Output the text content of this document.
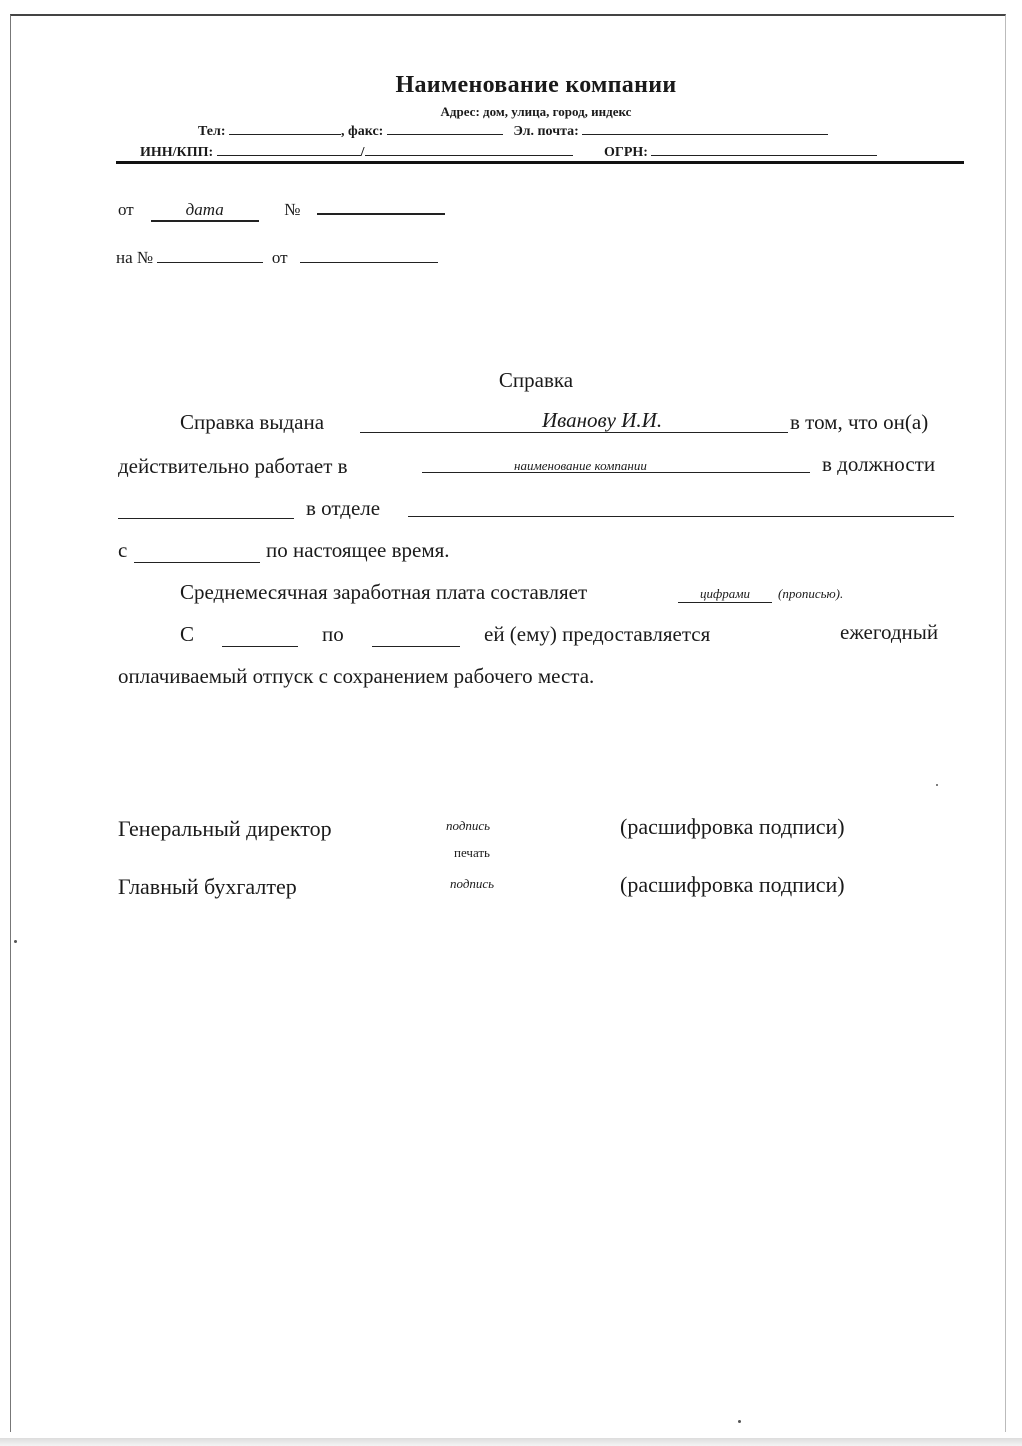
Наименование компании
Адрес: дом, улица, город, индекс
Тел:	, факс:	Эл. почта:
ИНН/КПП:	/	ОГРН:
от	дата	№
на №	от
Справка
Справка выдана	Иванову И.И.	в том, что он(а)
действительно работает в	наименование компании	в должности
в отделе
с	по настоящее время.
Среднемесячная заработная плата составляет	цифрами	(прописью).
С	по	ей (ему) предоставляется	ежегодный
оплачиваемый отпуск с сохранением рабочего места.
Генеральный директор	подпись
печать
(расшифровка подписи)
Главный бухгалтер	подпись	(расшифровка подписи)
